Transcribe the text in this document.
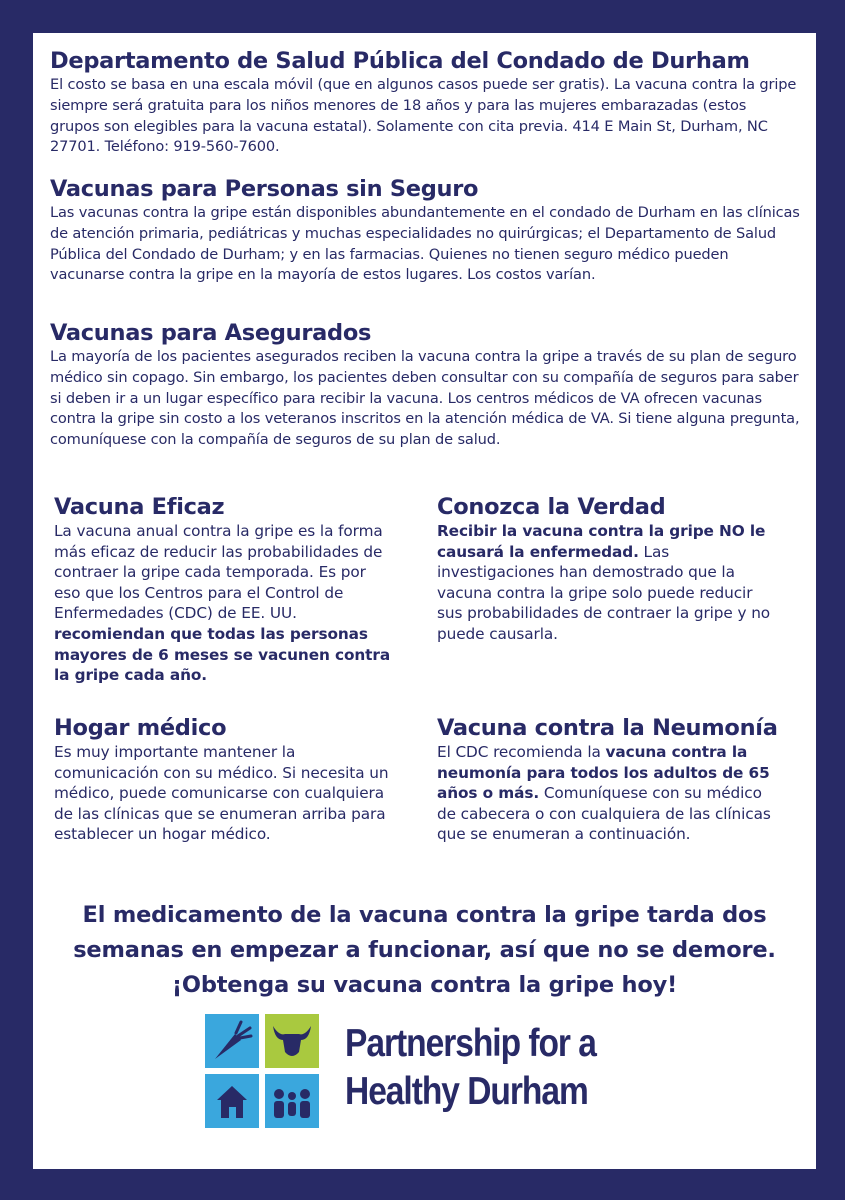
Departamento de Salud Pública del Condado de Durham

El costo se basa en una escala móvil (que en algunos casos puede ser gratis). La vacuna contra la gripe siempre será gratuita para los niños menores de 18 años y para las mujeres embarazadas (estos grupos son elegibles para la vacuna estatal). Solamente con cita previa. 414 E Main St, Durham, NC 27701. Teléfono: 919-560-7600.

Vacunas para Personas sin Seguro

Las vacunas contra la gripe están disponibles abundantemente en el condado de Durham en las clínicas de atención primaria, pediátricas y muchas especialidades no quirúrgicas; el Departamento de Salud Pública del Condado de Durham; y en las farmacias. Quienes no tienen seguro médico pueden vacunarse contra la gripe en la mayoría de estos lugares. Los costos varían.

Vacunas para Asegurados

La mayoría de los pacientes asegurados reciben la vacuna contra la gripe a través de su plan de seguro médico sin copago. Sin embargo, los pacientes deben consultar con su compañía de seguros para saber si deben ir a un lugar específico para recibir la vacuna. Los centros médicos de VA ofrecen vacunas contra la gripe sin costo a los veteranos inscritos en la atención médica de VA. Si tiene alguna pregunta, comuníquese con la compañía de seguros de su plan de salud.

Vacuna Eficaz

La vacuna anual contra la gripe es la forma más eficaz de reducir las probabilidades de contraer la gripe cada temporada. Es por eso que los Centros para el Control de Enfermedades (CDC) de EE. UU. recomiendan que todas las personas mayores de 6 meses se vacunen contra la gripe cada año.

Conozca la Verdad

Recibir la vacuna contra la gripe NO le causará la enfermedad. Las investigaciones han demostrado que la vacuna contra la gripe solo puede reducir sus probabilidades de contraer la gripe y no puede causarla.

Hogar médico

Es muy importante mantener la comunicación con su médico. Si necesita un médico, puede comunicarse con cualquiera de las clínicas que se enumeran arriba para establecer un hogar médico.

Vacuna contra la Neumonía

El CDC recomienda la vacuna contra la neumonía para todos los adultos de 65 años o más. Comuníquese con su médico de cabecera o con cualquiera de las clínicas que se enumeran a continuación.

El medicamento de la vacuna contra la gripe tarda dos semanas en empezar a funcionar, así que no se demore. ¡Obtenga su vacuna contra la gripe hoy!
Partnership for a
Healthy Durham
